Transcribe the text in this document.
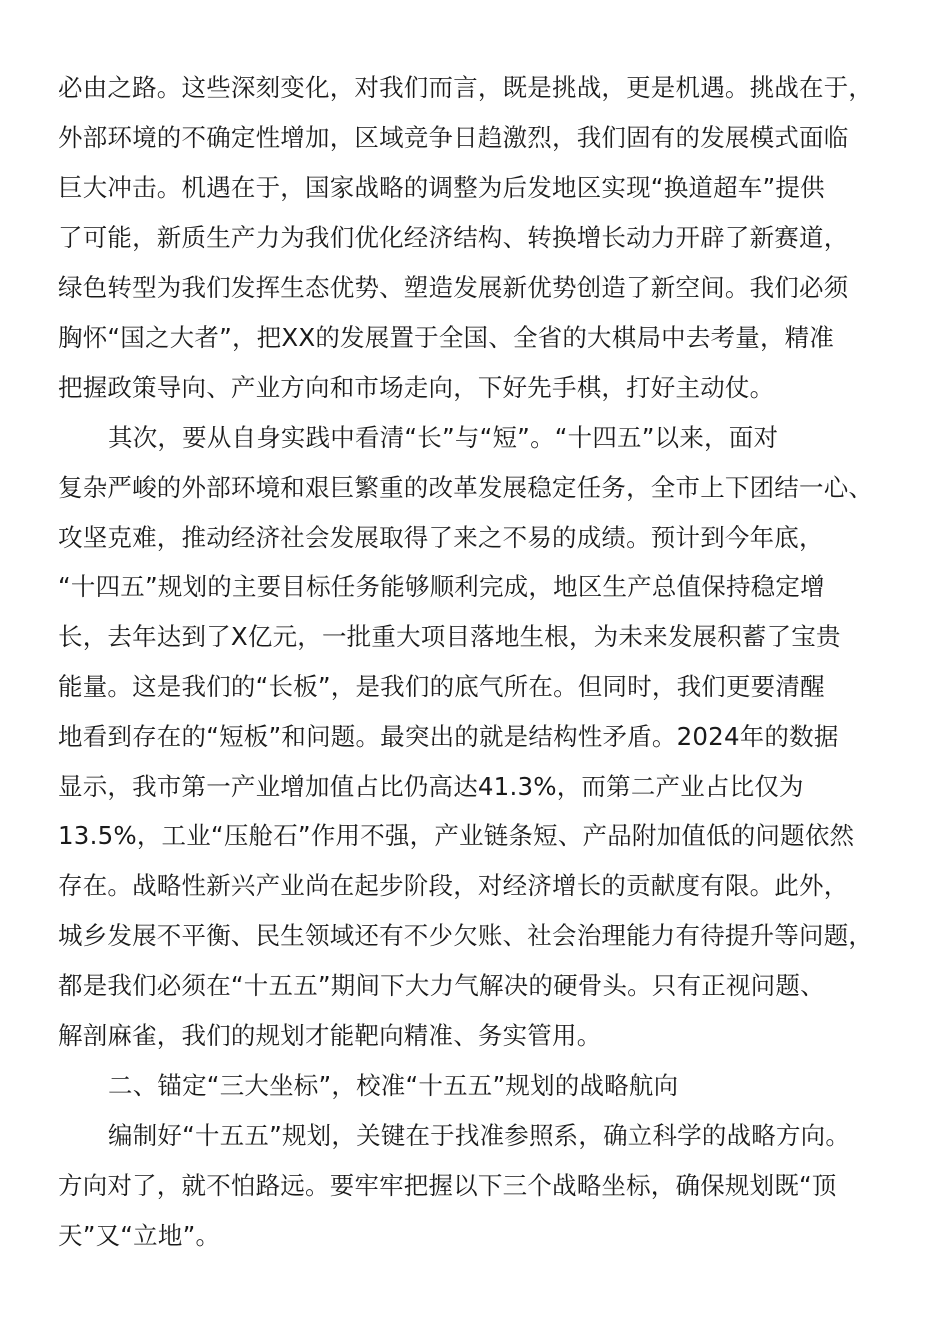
必由之路。这些深刻变化，对我们而言，既是挑战，更是机遇。挑战在于，
外部环境的不确定性增加，区域竞争日趋激烈，我们固有的发展模式面临
巨大冲击。机遇在于，国家战略的调整为后发地区实现“换道超车”提供
了可能，新质生产力为我们优化经济结构、转换增长动力开辟了新赛道，
绿色转型为我们发挥生态优势、塑造发展新优势创造了新空间。我们必须
胸怀“国之大者”，把XX的发展置于全国、全省的大棋局中去考量，精准
把握政策导向、产业方向和市场走向，下好先手棋，打好主动仗。
其次，要从自身实践中看清“长”与“短”。“十四五”以来，面对
复杂严峻的外部环境和艰巨繁重的改革发展稳定任务，全市上下团结一心、
攻坚克难，推动经济社会发展取得了来之不易的成绩。预计到今年底，
“十四五”规划的主要目标任务能够顺利完成，地区生产总值保持稳定增
长，去年达到了X亿元，一批重大项目落地生根，为未来发展积蓄了宝贵
能量。这是我们的“长板”，是我们的底气所在。但同时，我们更要清醒
地看到存在的“短板”和问题。最突出的就是结构性矛盾。2024年的数据
显示，我市第一产业增加值占比仍高达41.3%，而第二产业占比仅为
13.5%，工业“压舱石”作用不强，产业链条短、产品附加值低的问题依然
存在。战略性新兴产业尚在起步阶段，对经济增长的贡献度有限。此外，
城乡发展不平衡、民生领域还有不少欠账、社会治理能力有待提升等问题，
都是我们必须在“十五五”期间下大力气解决的硬骨头。只有正视问题、
解剖麻雀，我们的规划才能靶向精准、务实管用。
二、锚定“三大坐标”，校准“十五五”规划的战略航向
编制好“十五五”规划，关键在于找准参照系，确立科学的战略方向。
方向对了，就不怕路远。要牢牢把握以下三个战略坐标，确保规划既“顶
天”又“立地”。
